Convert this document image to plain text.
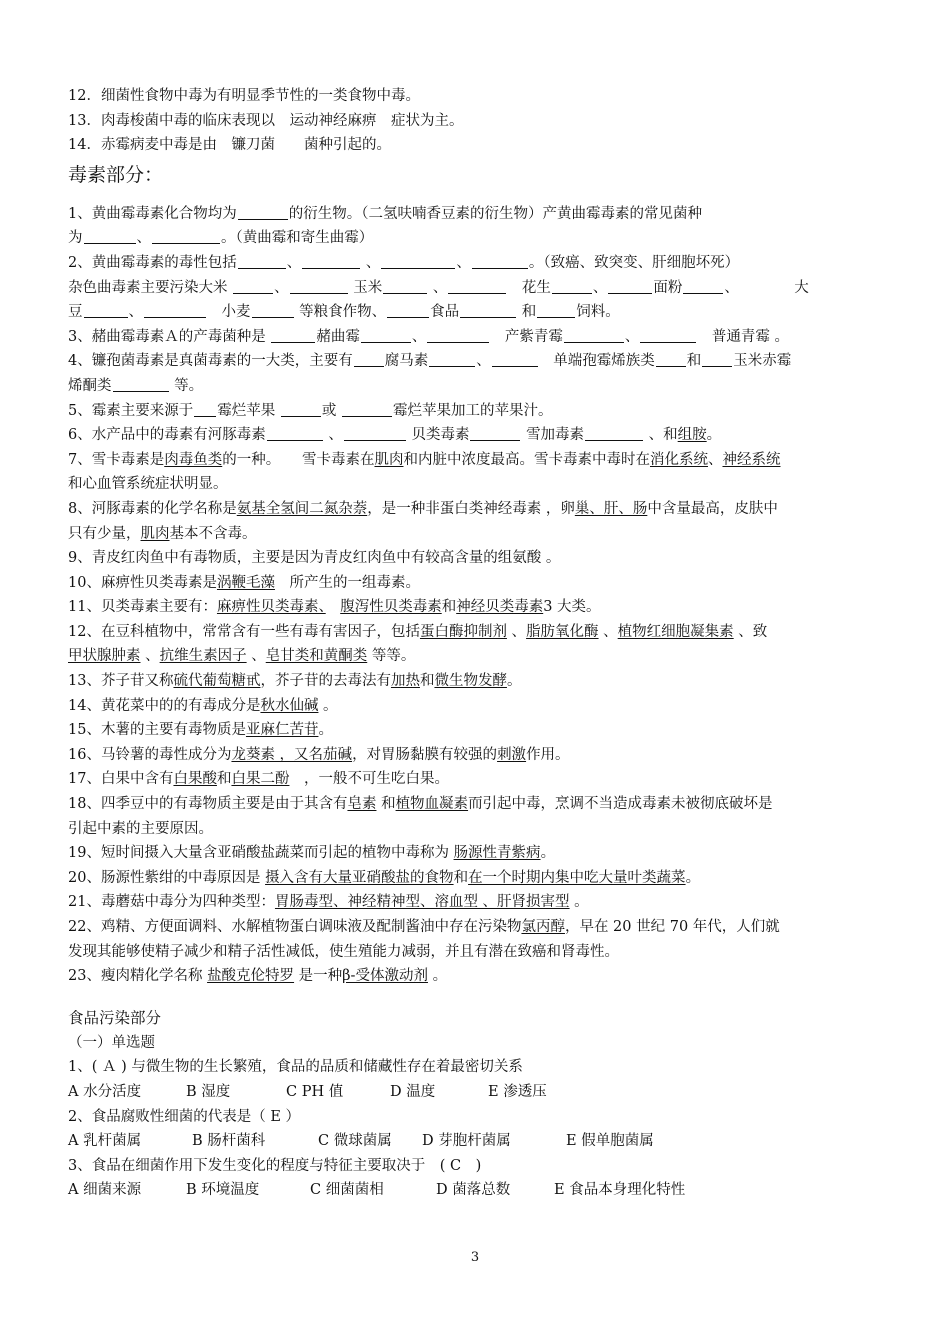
12．细菌性食物中毒为有明显季节性的一类食物中毒。
13．肉毒梭菌中毒的临床表现以　运动神经麻痹　症状为主。
14．赤霉病麦中毒是由　镰刀菌　　菌种引起的。
毒素部分：
1、黄曲霉毒素化合物均为	的衍生物。（二氢呋喃香豆素的衍生物）产黄曲霉毒素的常见菌种
为	、	。（黄曲霉和寄生曲霉）
2、黄曲霉毒素的毒性包括	、	、	、	。（致癌、致突变、肝细胞坏死）
杂色曲毒素主要污染大米	、	玉米	、　	花生	、	面粉	、　　　　 大
豆	、　	小麦	等粮食作物、	食品	和	饲料。
3、赭曲霉毒素Ａ的产毒菌种是	赭曲霉	、　	产紫青霉	、　	普通青霉 。
4、镰孢菌毒素是真菌毒素的一大类，主要有 腐马素	、　	单端孢霉烯族类 和 玉米赤霉
烯酮类	等。
5、霉素主要来源于 霉烂苹果	或	霉烂苹果加工的苹果汁。
6、水产品中的毒素有河豚毒素	、	贝类毒素	雪加毒素	、和组胺。
7、雪卡毒素是肉毒鱼类的一种。　　雪卡毒素在肌肉和内脏中浓度最高。雪卡毒素中毒时在消化系统、神经系统
和心血管系统症状明显。
8、河豚毒素的化学名称是氨基全氢间二氮杂萘，是一种非蛋白类神经毒素 ，卵巢、肝、肠中含量最高，皮肤中
只有少量，肌肉基本不含毒。
9、青皮红肉鱼中有毒物质，主要是因为青皮红肉鱼中有较高含量的组氨酸 。
10、麻痹性贝类毒素是涡鞭毛藻　 所产生的一组毒素。
11、贝类毒素主要有：麻痹性贝类毒素、　 腹泻性贝类毒素和神经贝类毒素3 大类。
12、在豆科植物中，常常含有一些有毒有害因子，包括蛋白酶抑制剂 、脂肪氧化酶 、植物红细胞凝集素 、致
甲状腺肿素 、抗维生素因子 、皂甘类和黄酮类 等等。
13、芥子苷又称硫代葡萄糖甙，芥子苷的去毒法有加热和微生物发酵。
14、黄花菜中的的有毒成分是秋水仙碱 。
15、木薯的主要有毒物质是亚麻仁苦苷。
16、马铃薯的毒性成分为龙葵素 ，又名茄碱，对胃肠黏膜有较强的刺激作用。
17、白果中含有白果酸和白果二酚　 ，一般不可生吃白果。
18、四季豆中的有毒物质主要是由于其含有皂素 和植物血凝素而引起中毒，烹调不当造成毒素未被彻底破坏是
引起中素的主要原因。
19、短时间摄入大量含亚硝酸盐蔬菜而引起的植物中毒称为 肠源性青紫病。
20、肠源性紫绀的中毒原因是 摄入含有大量亚硝酸盐的食物和在一个时期内集中吃大量叶类蔬菜。
21、毒蘑菇中毒分为四种类型：胃肠毒型、神经精神型、溶血型 、肝肾损害型 。
22、鸡精、方便面调料、水解植物蛋白调味液及配制酱油中存在污染物氯丙醇，早在 20 世纪 70 年代，人们就
发现其能够使精子减少和精子活性减低，使生殖能力减弱，并且有潜在致癌和肾毒性。
23、瘦肉精化学名称 盐酸克伦特罗 是一种β-受体激动剂 。
食品污染部分
（一）单选题
1、( Ａ ) 与微生物的生长繁殖，食品的品质和储藏性存在着最密切关系
A 水分活度	B 湿度	C PH 值	D 温度	E 渗透压
2、食品腐败性细菌的代表是（ E ）
A 乳杆菌属	B 肠杆菌科	C 微球菌属 D 芽胞杆菌属	E 假单胞菌属
3、食品在细菌作用下发生变化的程度与特征主要取决于　( C　)
A 细菌来源	B 环境温度	C 细菌菌相	D 菌落总数	E 食品本身理化特性
3
